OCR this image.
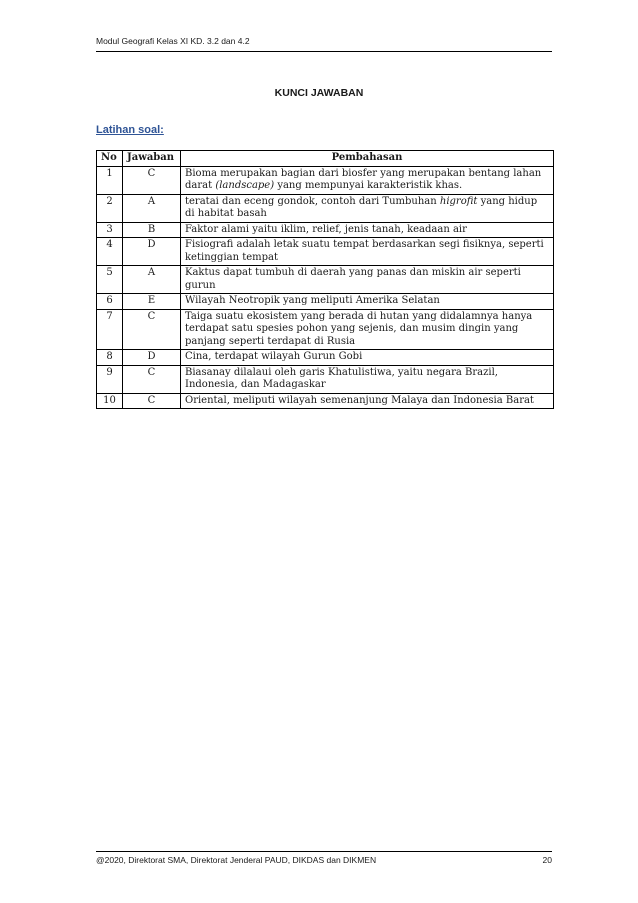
Modul Geografi Kelas XI KD. 3.2 dan 4.2
KUNCI JAWABAN
Latihan soal:
No	Jawaban	Pembahasan
1	C	Bioma merupakan bagian dari biosfer yang merupakan bentang lahan darat (landscape) yang mempunyai karakteristik khas.
2	A	teratai dan eceng gondok, contoh dari Tumbuhan higrofit yang hidup di habitat basah
3	B	Faktor alami yaitu iklim, relief, jenis tanah, keadaan air
4	D	Fisiografi adalah letak suatu tempat berdasarkan segi fisiknya, seperti ketinggian tempat
5	A	Kaktus dapat tumbuh di daerah yang panas dan miskin air seperti gurun
6	E	Wilayah Neotropik yang meliputi Amerika Selatan
7	C	Taiga suatu ekosistem yang berada di hutan yang didalamnya hanya terdapat satu spesies pohon yang sejenis, dan musim dingin yang panjang seperti terdapat di Rusia
8	D	Cina, terdapat wilayah Gurun Gobi
9	C	Biasanay dilalaui oleh garis Khatulistiwa, yaitu negara Brazil, Indonesia, dan Madagaskar
10	C	Oriental, meliputi wilayah semenanjung Malaya dan Indonesia Barat
@2020, Direktorat SMA, Direktorat Jenderal PAUD, DIKDAS dan DIKMEN	20
